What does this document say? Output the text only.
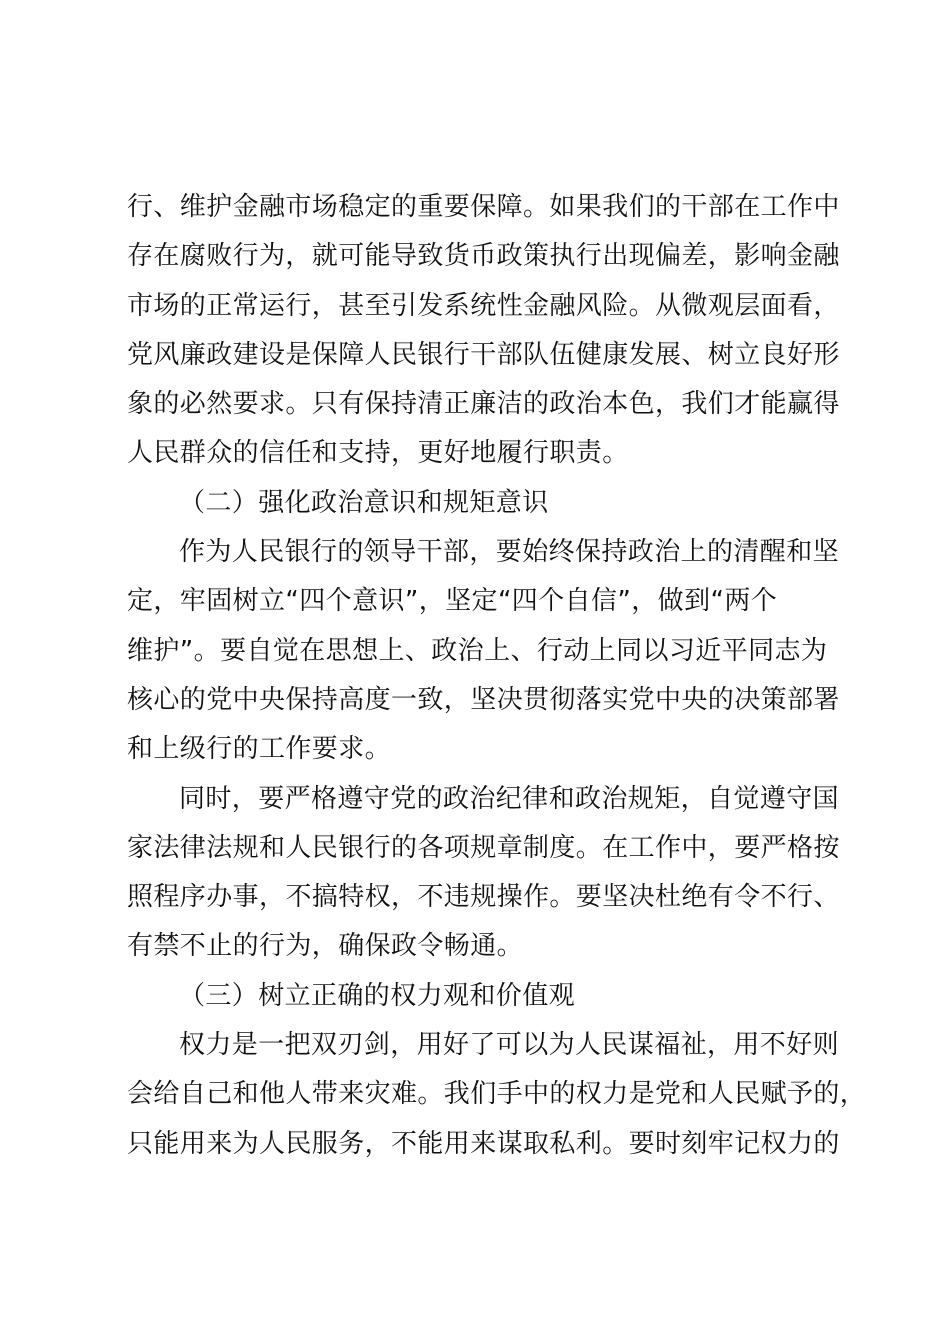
行、维护金融市场稳定的重要保障。如果我们的干部在工作中
存在腐败行为，就可能导致货币政策执行出现偏差，影响金融
市场的正常运行，甚至引发系统性金融风险。从微观层面看，
党风廉政建设是保障人民银行干部队伍健康发展、树立良好形
象的必然要求。只有保持清正廉洁的政治本色，我们才能赢得
人民群众的信任和支持，更好地履行职责。
（二）强化政治意识和规矩意识
作为人民银行的领导干部，要始终保持政治上的清醒和坚
定，牢固树立“四个意识”，坚定“四个自信”，做到“两个
维护”。要自觉在思想上、政治上、行动上同以习近平同志为
核心的党中央保持高度一致，坚决贯彻落实党中央的决策部署
和上级行的工作要求。
同时，要严格遵守党的政治纪律和政治规矩，自觉遵守国
家法律法规和人民银行的各项规章制度。在工作中，要严格按
照程序办事，不搞特权，不违规操作。要坚决杜绝有令不行、
有禁不止的行为，确保政令畅通。
（三）树立正确的权力观和价值观
权力是一把双刃剑，用好了可以为人民谋福祉，用不好则
会给自己和他人带来灾难。我们手中的权力是党和人民赋予的，
只能用来为人民服务，不能用来谋取私利。要时刻牢记权力的
